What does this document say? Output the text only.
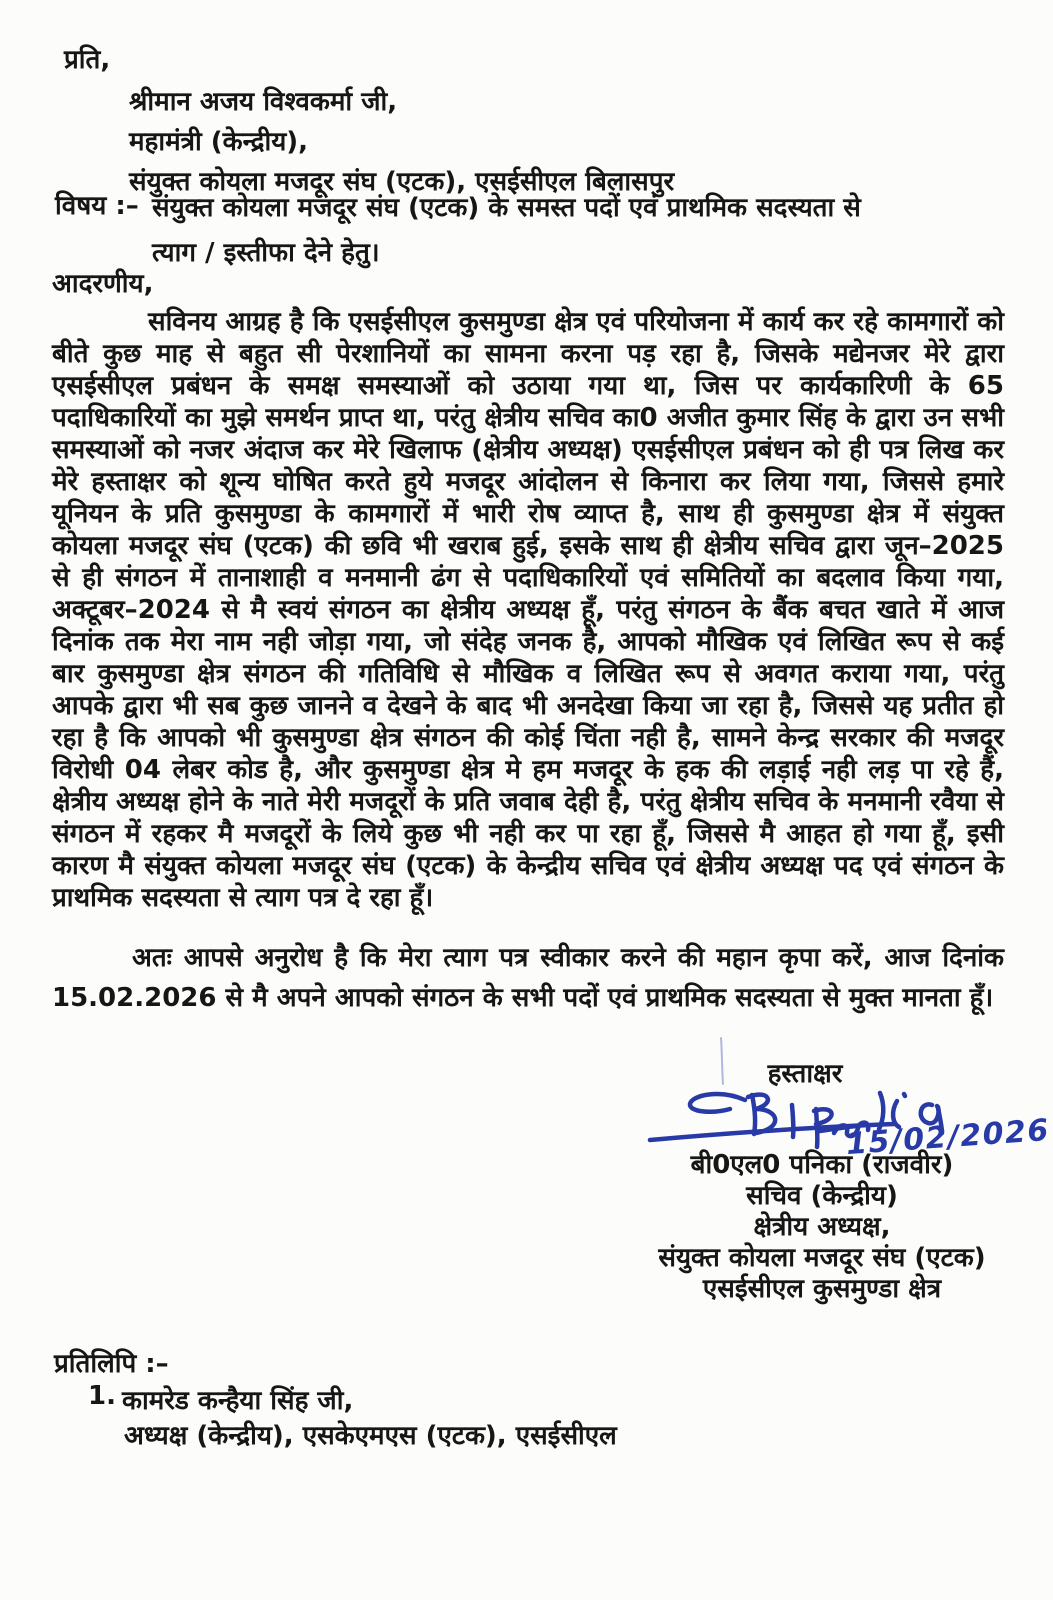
प्रति,
श्रीमान अजय विश्वकर्मा जी,
महामंत्री (केन्द्रीय),
संयुक्त कोयला मजदूर संघ (एटक), एसईसीएल बिलासपुर
विषय :– संयुक्त कोयला मजदूर संघ (एटक) के समस्त पदों एवं प्राथमिक सदस्यता से
त्याग / इस्तीफा देने हेतु।
आदरणीय,
सविनय आग्रह है कि एसईसीएल कुसमुण्डा क्षेत्र एवं परियोजना में कार्य कर रहे कामगारों को बीते कुछ माह से बहुत सी पेरशानियों का सामना करना पड़ रहा है, जिसके मद्येनजर मेरे द्वारा एसईसीएल प्रबंधन के समक्ष समस्याओं को उठाया गया था, जिस पर कार्यकारिणी के 65 पदाधिकारियों का मुझे समर्थन प्राप्त था, परंतु क्षेत्रीय सचिव का0 अजीत कुमार सिंह के द्वारा उन सभी समस्याओं को नजर अंदाज कर मेरे खिलाफ (क्षेत्रीय अध्यक्ष) एसईसीएल प्रबंधन को ही पत्र लिख कर मेरे हस्ताक्षर को शून्य घोषित करते हुये मजदूर आंदोलन से किनारा कर लिया गया, जिससे हमारे यूनियन के प्रति कुसमुण्डा के कामगारों में भारी रोष व्याप्त है, साथ ही कुसमुण्डा क्षेत्र में संयुक्त कोयला मजदूर संघ (एटक) की छवि भी खराब हुई, इसके साथ ही क्षेत्रीय सचिव द्वारा जून–2025 से ही संगठन में तानाशाही व मनमानी ढंग से पदाधिकारियों एवं समितियों का बदलाव किया गया, अक्टूबर–2024 से मै स्वयं संगठन का क्षेत्रीय अध्यक्ष हूँ, परंतु संगठन के बैंक बचत खाते में आज दिनांक तक मेरा नाम नही जोड़ा गया, जो संदेह जनक है, आपको मौखिक एवं लिखित रूप से कई बार कुसमुण्डा क्षेत्र संगठन की गतिविधि से मौखिक व लिखित रूप से अवगत कराया गया, परंतु आपके द्वारा भी सब कुछ जानने व देखने के बाद भी अनदेखा किया जा रहा है, जिससे यह प्रतीत हो रहा है कि आपको भी कुसमुण्डा क्षेत्र संगठन की कोई चिंता नही है, सामने केन्द्र सरकार की मजदूर विरोधी 04 लेबर कोड है, और कुसमुण्डा क्षेत्र मे हम मजदूर के हक की लड़ाई नही लड़ पा रहे हैं, क्षेत्रीय अध्यक्ष होने के नाते मेरी मजदूरों के प्रति जवाब देही है, परंतु क्षेत्रीय सचिव के मनमानी रवैया से संगठन में रहकर मै मजदूरों के लिये कुछ भी नही कर पा रहा हूँ, जिससे मै आहत हो गया हूँ, इसी कारण मै संयुक्त कोयला मजदूर संघ (एटक) के केन्द्रीय सचिव एवं क्षेत्रीय अध्यक्ष पद एवं संगठन के प्राथमिक सदस्यता से त्याग पत्र दे रहा हूँ।
अतः आपसे अनुरोध है कि मेरा त्याग पत्र स्वीकार करने की महान कृपा करें, आज दिनांक 15.02.2026 से मै अपने आपको संगठन के सभी पदों एवं प्राथमिक सदस्यता से मुक्त मानता हूँ।
हस्ताक्षर
15/02/2026
बी0एल0 पनिका (राजवीर)
सचिव (केन्द्रीय)
क्षेत्रीय अध्यक्ष,
संयुक्त कोयला मजदूर संघ (एटक)
एसईसीएल कुसमुण्डा क्षेत्र
प्रतिलिपि :–
1. कामरेड कन्हैया सिंह जी,
अध्यक्ष (केन्द्रीय), एसकेएमएस (एटक), एसईसीएल
